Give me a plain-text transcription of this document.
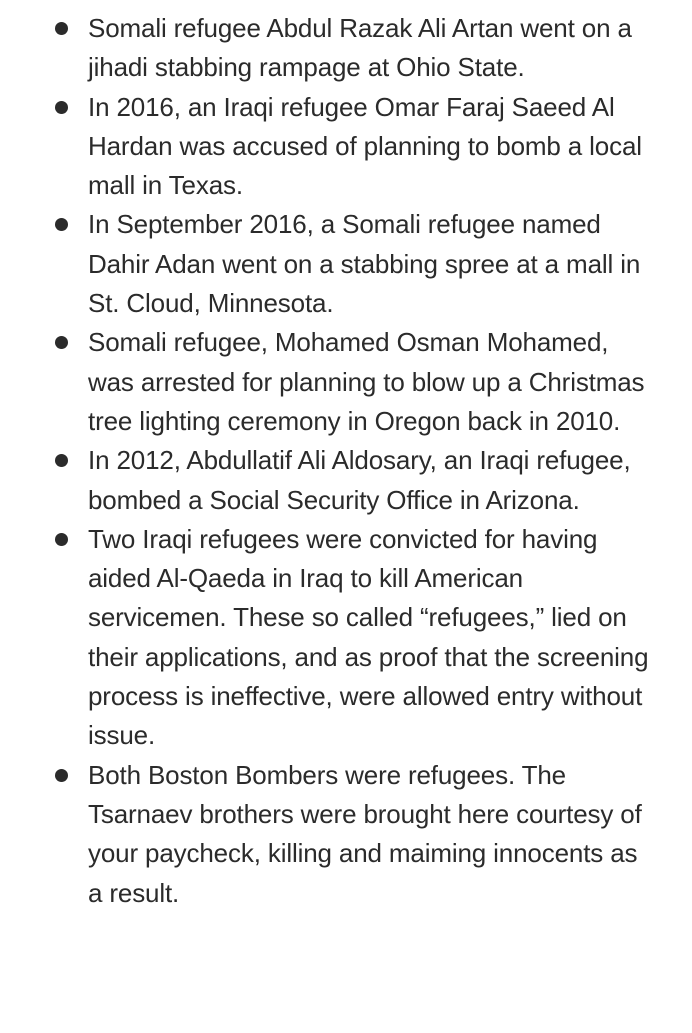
Somali refugee Abdul Razak Ali Artan went on a jihadi stabbing rampage at Ohio State.
In 2016, an Iraqi refugee Omar Faraj Saeed Al Hardan was accused of planning to bomb a local mall in Texas.
In September 2016, a Somali refugee named Dahir Adan went on a stabbing spree at a mall in St. Cloud, Minnesota.
Somali refugee, Mohamed Osman Mohamed, was arrested for planning to blow up a Christmas tree lighting ceremony in Oregon back in 2010.
In 2012, Abdullatif Ali Aldosary, an Iraqi refugee, bombed a Social Security Office in Arizona.
Two Iraqi refugees were convicted for having aided Al-Qaeda in Iraq to kill American servicemen. These so called “refugees,” lied on their applications, and as proof that the screening process is ineffective, were allowed entry without issue.
Both Boston Bombers were refugees. The Tsarnaev brothers were brought here courtesy of your paycheck, killing and maiming innocents as a result.
